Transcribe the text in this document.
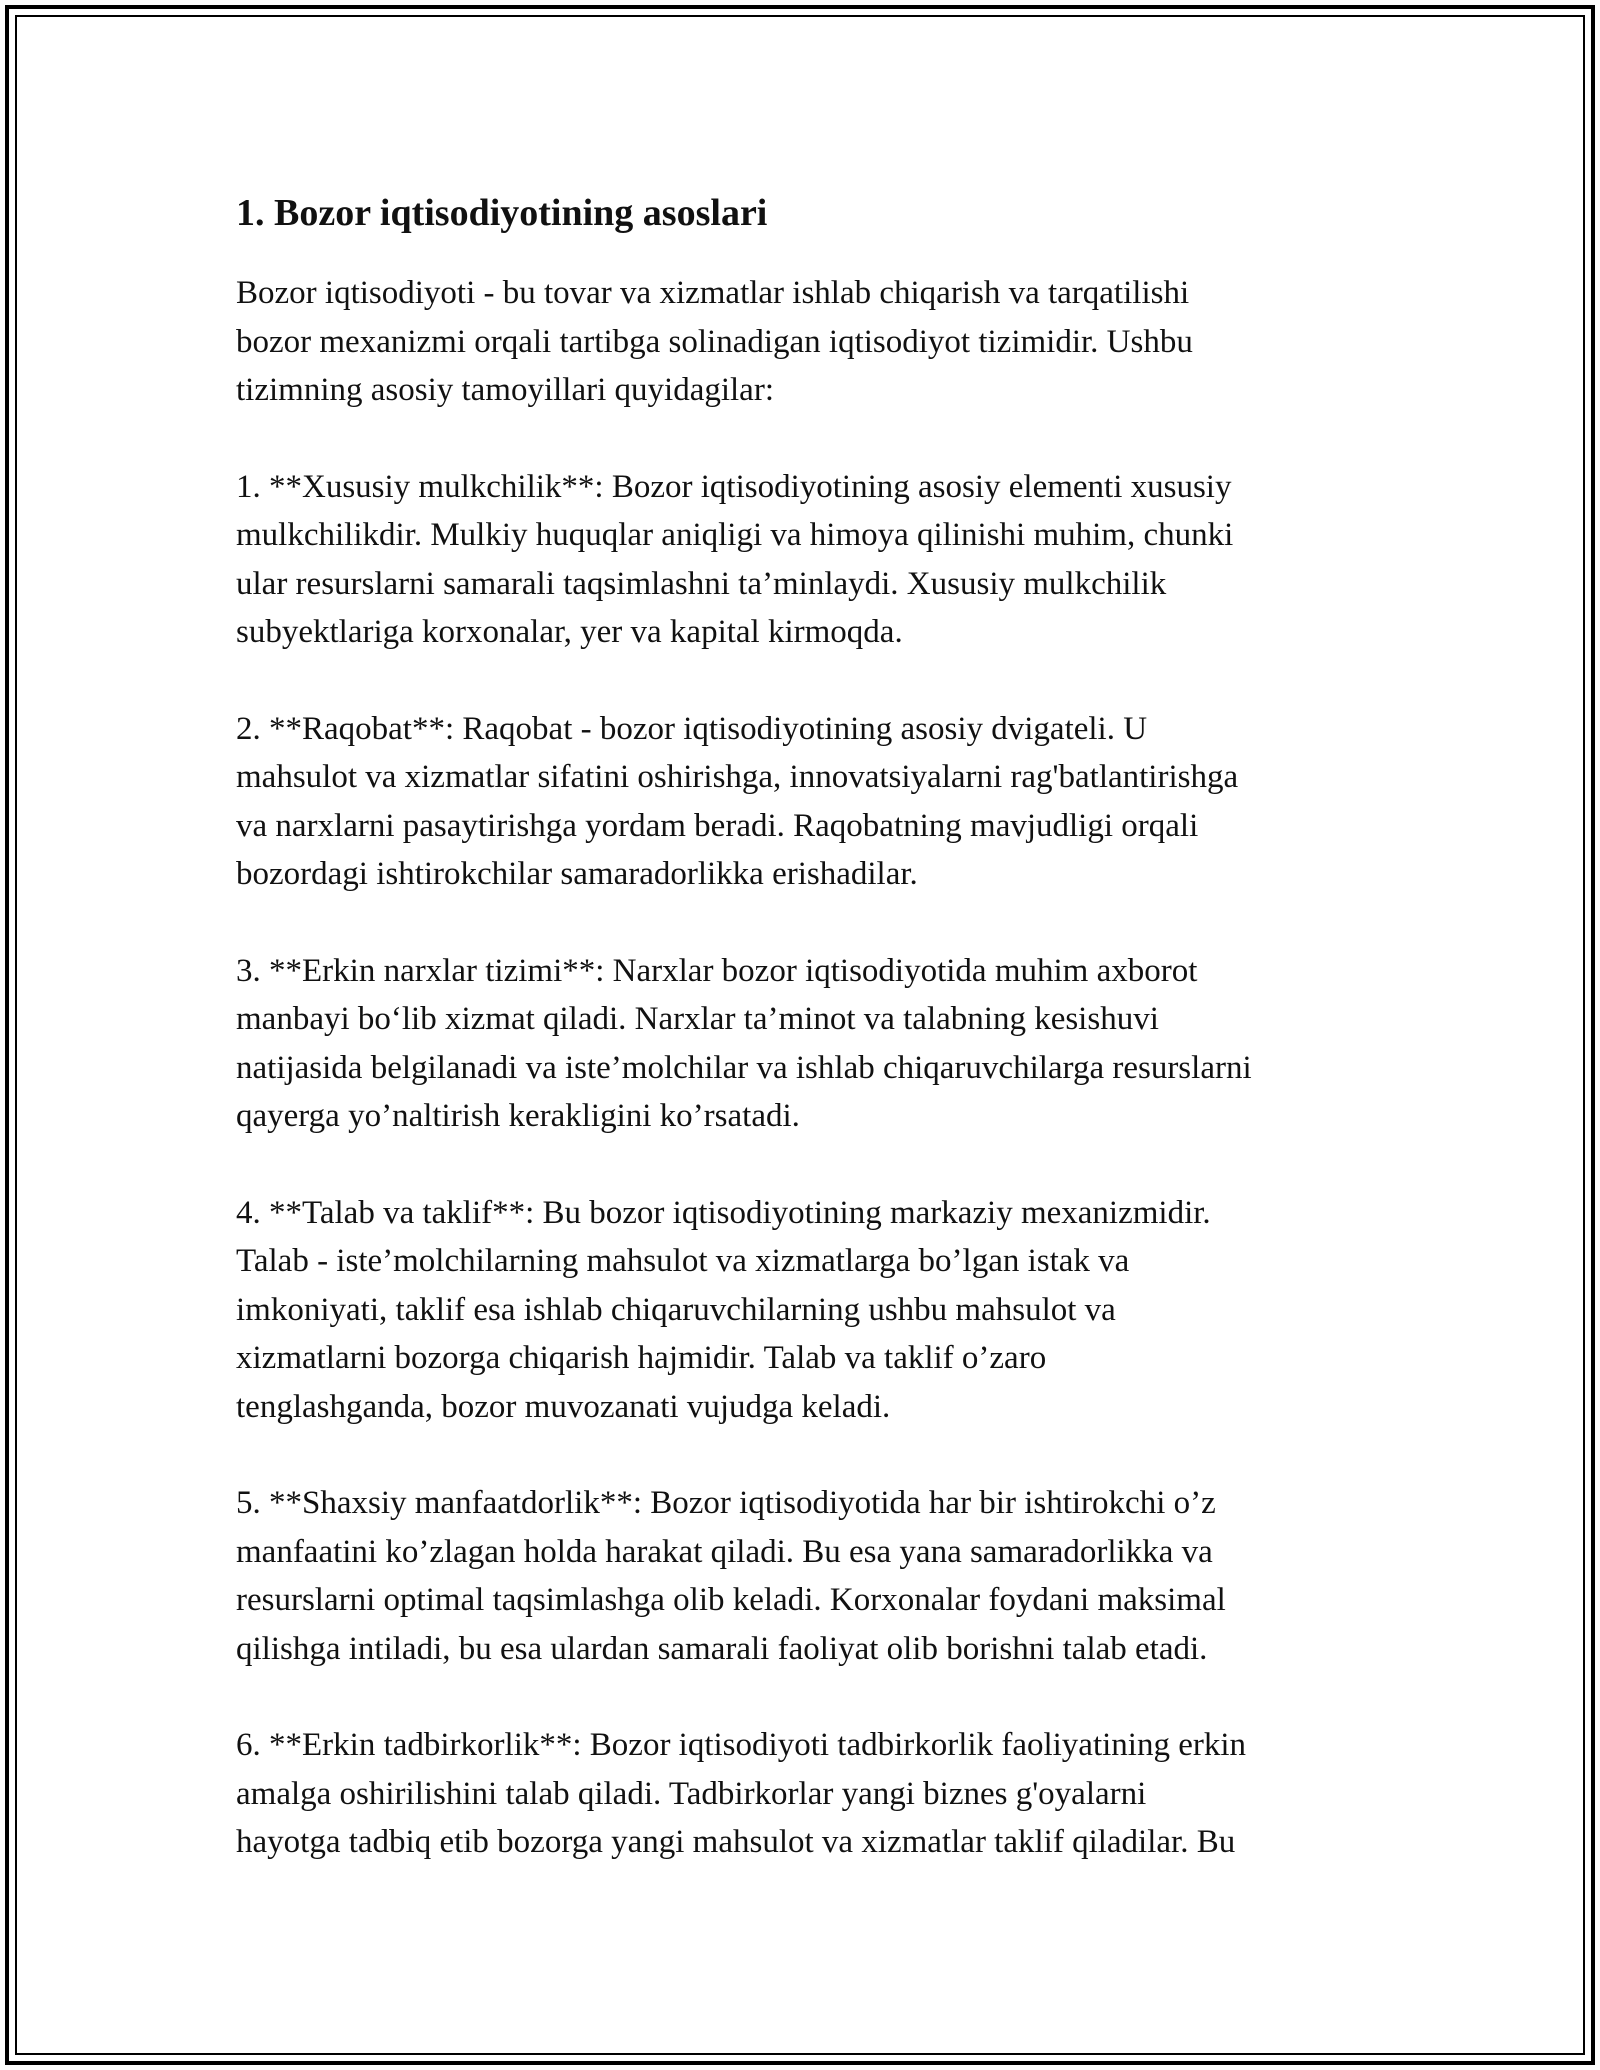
1. Bozor iqtisodiyotining asoslari

Bozor iqtisodiyoti - bu tovar va xizmatlar ishlab chiqarish va tarqatilishi
bozor mexanizmi orqali tartibga solinadigan iqtisodiyot tizimidir. Ushbu
tizimning asosiy tamoyillari quyidagilar:

1. **Xususiy mulkchilik**: Bozor iqtisodiyotining asosiy elementi xususiy
mulkchilikdir. Mulkiy huquqlar aniqligi va himoya qilinishi muhim, chunki
ular resurslarni samarali taqsimlashni ta’minlaydi. Xususiy mulkchilik
subyektlariga korxonalar, yer va kapital kirmoqda.

2. **Raqobat**: Raqobat - bozor iqtisodiyotining asosiy dvigateli. U
mahsulot va xizmatlar sifatini oshirishga, innovatsiyalarni rag'batlantirishga
va narxlarni pasaytirishga yordam beradi. Raqobatning mavjudligi orqali
bozordagi ishtirokchilar samaradorlikka erishadilar.

3. **Erkin narxlar tizimi**: Narxlar bozor iqtisodiyotida muhim axborot
manbayi bo‘lib xizmat qiladi. Narxlar ta’minot va talabning kesishuvi
natijasida belgilanadi va iste’molchilar va ishlab chiqaruvchilarga resurslarni
qayerga yo’naltirish kerakligini ko’rsatadi.

4. **Talab va taklif**: Bu bozor iqtisodiyotining markaziy mexanizmidir.
Talab - iste’molchilarning mahsulot va xizmatlarga bo’lgan istak va
imkoniyati, taklif esa ishlab chiqaruvchilarning ushbu mahsulot va
xizmatlarni bozorga chiqarish hajmidir. Talab va taklif o’zaro
tenglashganda, bozor muvozanati vujudga keladi.

5. **Shaxsiy manfaatdorlik**: Bozor iqtisodiyotida har bir ishtirokchi o’z
manfaatini ko’zlagan holda harakat qiladi. Bu esa yana samaradorlikka va
resurslarni optimal taqsimlashga olib keladi. Korxonalar foydani maksimal
qilishga intiladi, bu esa ulardan samarali faoliyat olib borishni talab etadi.

6. **Erkin tadbirkorlik**: Bozor iqtisodiyoti tadbirkorlik faoliyatining erkin
amalga oshirilishini talab qiladi. Tadbirkorlar yangi biznes g'oyalarni
hayotga tadbiq etib bozorga yangi mahsulot va xizmatlar taklif qiladilar. Bu
